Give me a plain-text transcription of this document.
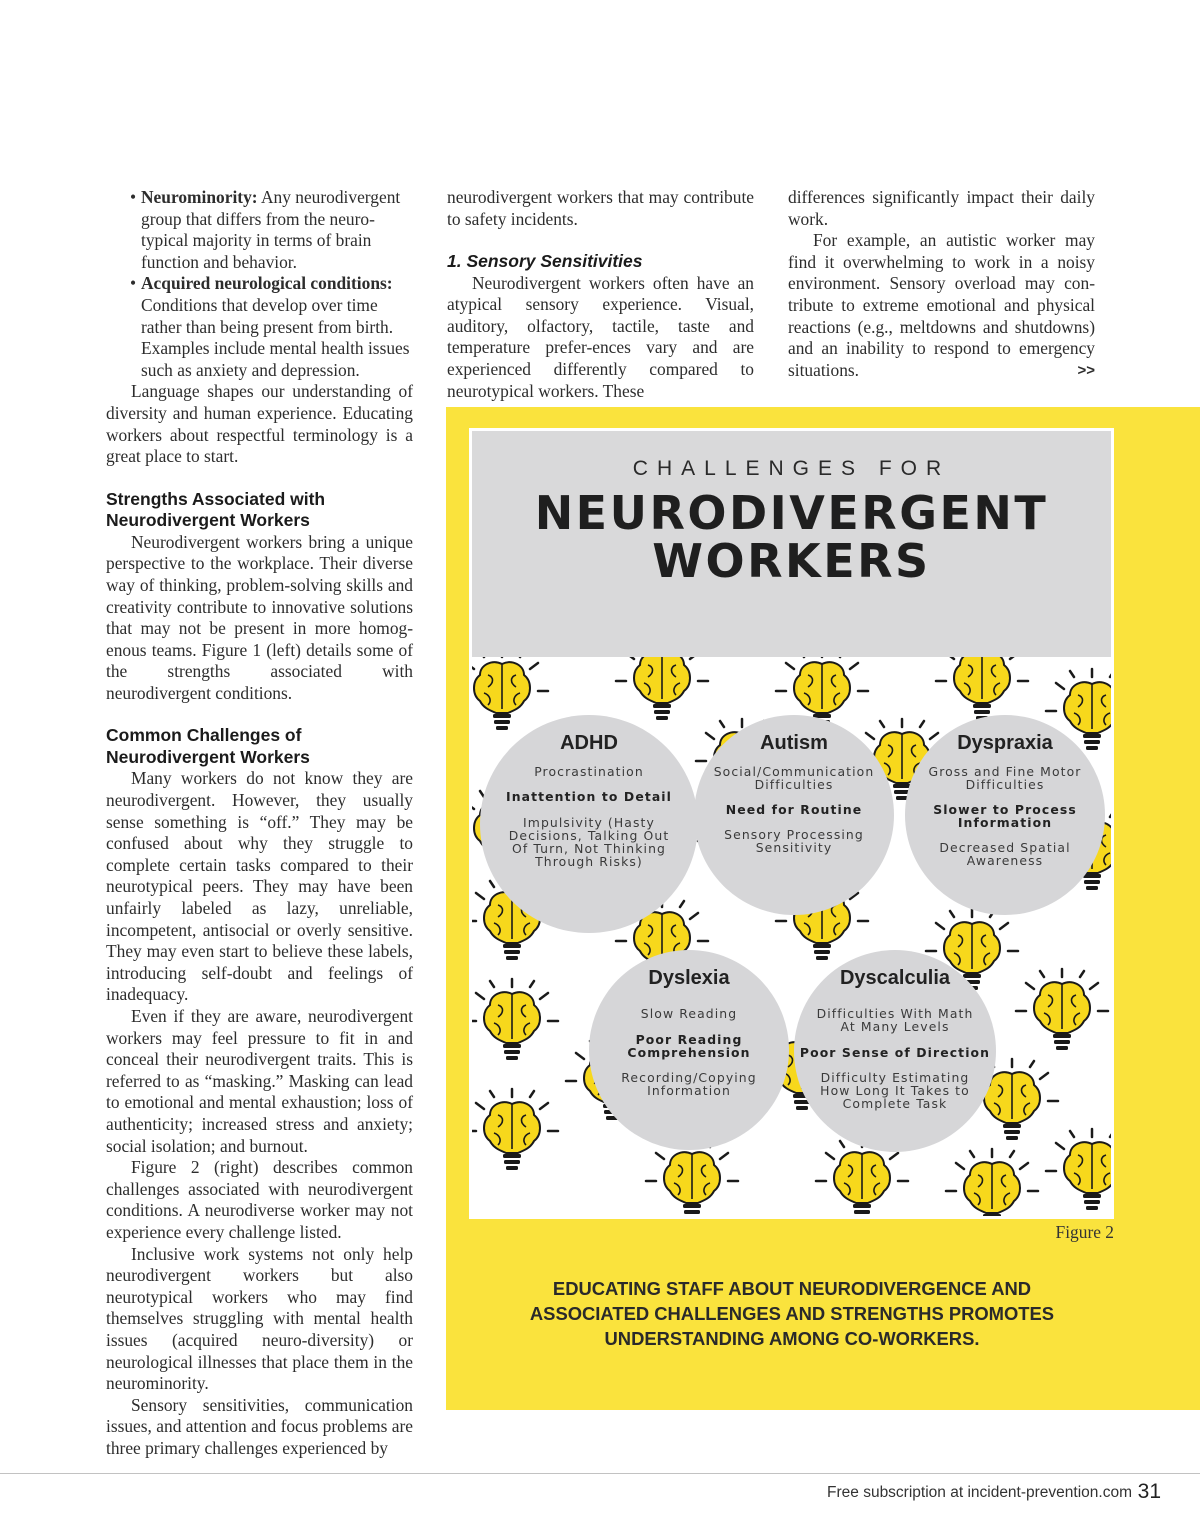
• Neurominority: Any neurodivergent group that differs from the neuro-typical majority in terms of brain function and behavior.
• Acquired neurological conditions: Conditions that develop over time rather than being present from birth. Examples include mental health issues such as anxiety and depression.

Language shapes our understanding of diversity and human experience. Educating workers about respectful terminology is a great place to start.

Strengths Associated with Neurodivergent Workers

Neurodivergent workers bring a unique perspective to the workplace. Their diverse way of thinking, problem-solving skills and creativity contribute to innovative solutions that may not be present in more homog-enous teams. Figure 1 (left) details some of the strengths associated with neurodivergent conditions.

Common Challenges of Neurodivergent Workers

Many workers do not know they are neurodivergent. However, they usually sense something is “off.” They may be confused about why they struggle to complete certain tasks compared to their neurotypical peers. They may have been unfairly labeled as lazy, unreliable, incompetent, antisocial or overly sensitive. They may even start to believe these labels, introducing self-doubt and feelings of inadequacy.

Even if they are aware, neurodivergent workers may feel pressure to fit in and conceal their neurodivergent traits. This is referred to as “masking.” Masking can lead to emotional and mental exhaustion; loss of authenticity; increased stress and anxiety; social isolation; and burnout.

Figure 2 (right) describes common challenges associated with neurodivergent conditions. A neurodiverse worker may not experience every challenge listed.

Inclusive work systems not only help neurodivergent workers but also neurotypical workers who may find themselves struggling with mental health issues (acquired neuro-diversity) or neurological illnesses that place them in the neurominority.

Sensory sensitivities, communication issues, and attention and focus problems are three primary challenges experienced by

neurodivergent workers that may contribute to safety incidents.

1. Sensory Sensitivities

Neurodivergent workers often have an atypical sensory experience. Visual, auditory, olfactory, tactile, taste and temperature prefer-ences vary and are experienced differently compared to neurotypical workers. These

differences significantly impact their daily work.

For example, an autistic worker may find it overwhelming to work in a noisy environment. Sensory overload may con-tribute to extreme emotional and physical reactions (e.g., meltdowns and shutdowns) and an inability to respond to emergency situations.	>>

CHALLENGES FOR
NEURODIVERGENT
WORKERS
ADHD
Procrastination
Inattention to Detail
Impulsivity (Hasty
Decisions, Talking Out
Of Turn, Not Thinking
Through Risks)
Autism
Social/Communication
Difficulties
Need for Routine
Sensory Processing
Sensitivity
Dyspraxia
Gross and Fine Motor
Difficulties
Slower to Process
Information
Decreased Spatial
Awareness
Dyslexia
Slow Reading
Poor Reading
Comprehension
Recording/Copying
Information
Dyscalculia
Difficulties With Math
At Many Levels
Poor Sense of Direction
Difficulty Estimating
How Long It Takes to
Complete Task
Figure 2
EDUCATING STAFF ABOUT NEURODIVERGENCE AND
ASSOCIATED CHALLENGES AND STRENGTHS PROMOTES
UNDERSTANDING AMONG CO-WORKERS.
Free subscription at incident-prevention.com 31
